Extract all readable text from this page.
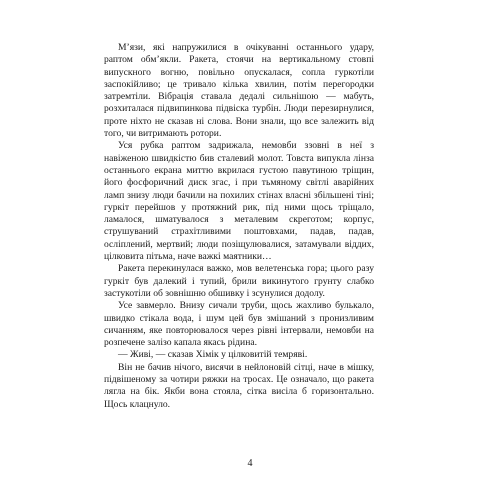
М’язи, які напружилися в очікуванні останнього удару, раптом обм’якли. Ракета, стоячи на вертикальному стовпі випускного вогню, повільно опускалася, сопла гуркотіли заспокійливо; це тривало кілька хвилин, потім перегородки затремтіли. Вібрація ставала дедалі сильнішою — мабуть, розхиталася підвипинкова підвіска турбін. Люди перезирнулися, проте ніхто не сказав ні слова. Вони знали, що все залежить від того, чи витримають ротори.

Уся рубка раптом задрижала, немовби ззовні в неї з навіженою швидкістю бив сталевий молот. Товста випукла лінза останнього екрана миттю вкрилася густою павутиною тріщин, його фосфоричний диск згас, і при тьмяному світлі аварійних ламп знизу люди бачили на похилих стінах власні збільшені тіні; гуркіт перейшов у протяжний рик, під ними щось тріщало, ламалося, шматувалося з металевим скреготом; корпус, струшуваний страхітливими поштовхами, падав, падав, осліплений, мертвий; люди позіщулювалися, затамували віддих, цілковита пітьма, наче важкі маятники…

Ракета перекинулася важко, мов велетенська гора; цього разу гуркіт був далекий і тупий, брили викинутого грунту слабко застукотіли об зовнішню обшивку і зсунулися додолу.

Усе завмерло. Внизу сичали труби, щось жахливо булькало, швидко стікала вода, і шум цей був змішаний з пронизливим сичанням, яке повторювалося через рівні інтервали, немовби на розпечене залізо капала якась рідина.

— Живі, — сказав Хімік у цілковитій темряві.

Він не бачив нічого, висячи в нейлоновій сітці, наче в мішку, підвішеному за чотири ряжки на тросах. Це означало, що ракета лягла на бік. Якби вона стояла, сітка висіла б горизонтально. Щось клацнуло.

4
